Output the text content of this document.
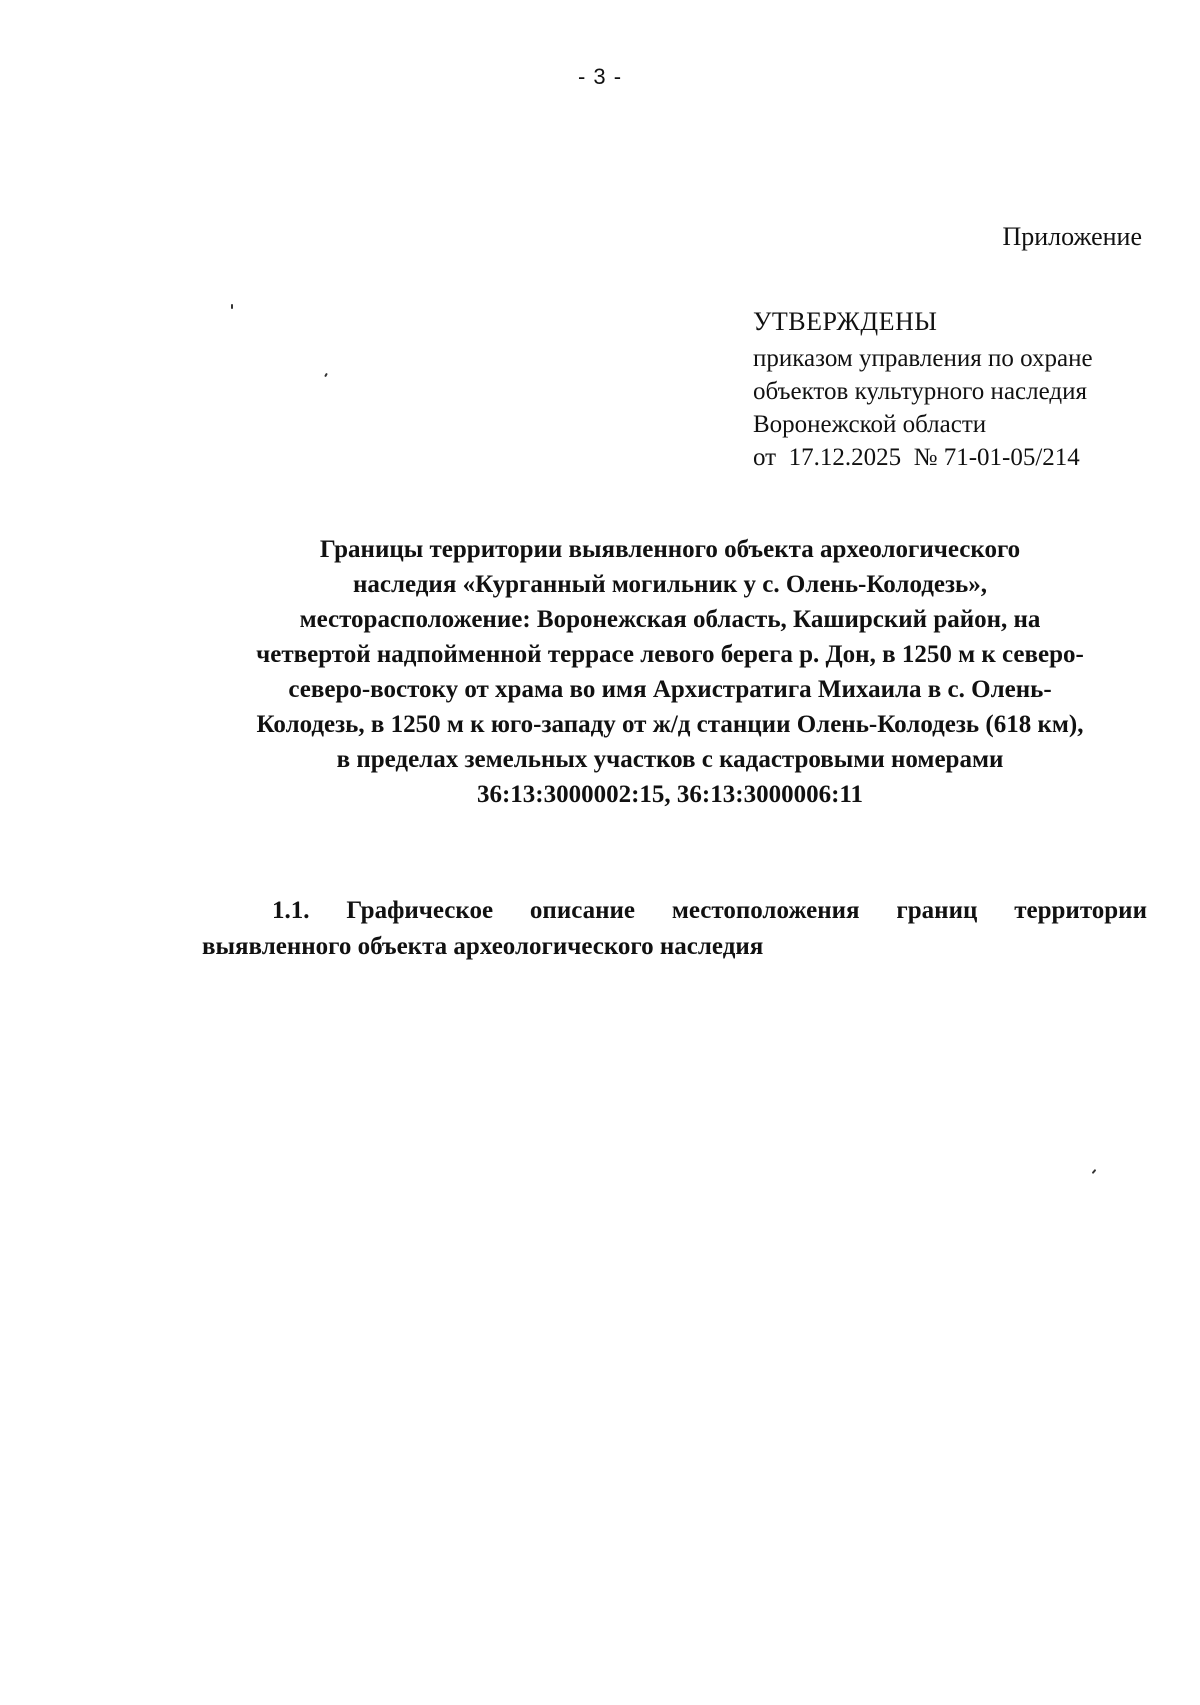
- 3 -
Приложение
УТВЕРЖДЕНЫ
приказом управления по охране
объектов культурного наследия
Воронежской области
от  17.12.2025  № 71-01-05/214
Границы территории выявленного объекта археологического
наследия «Курганный могильник у с. Олень-Колодезь»,
месторасположение: Воронежская область, Каширский район, на
четвертой надпойменной террасе левого берега р. Дон, в 1250 м к северо-
северо-востоку от храма во имя Архистратига Михаила в с. Олень-
Колодезь, в 1250 м к юго-западу от ж/д станции Олень-Колодезь (618 км),
в пределах земельных участков с кадастровыми номерами
36:13:3000002:15, 36:13:3000006:11
1.1. Графическое описание местоположения границ территории
выявленного объекта археологического наследия
